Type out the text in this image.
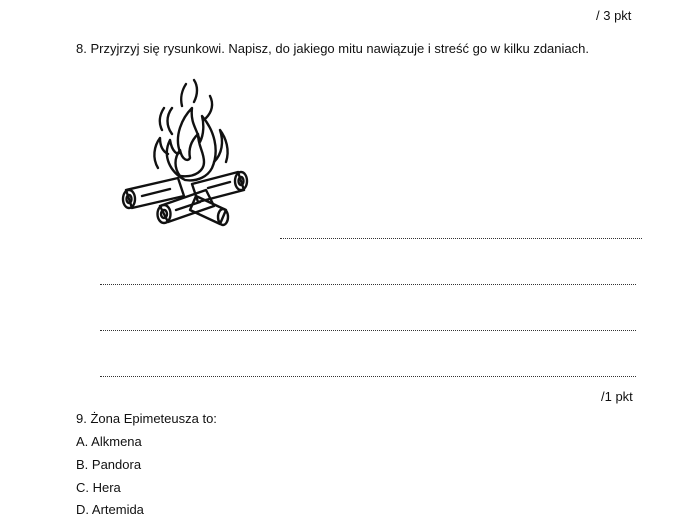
/ 3 pkt
8. Przyjrzyj się rysunkowi. Napisz, do jakiego mitu nawiązuje i streść go w kilku zdaniach.
/1 pkt
9. Żona Epimeteusza to:
A. Alkmena
B. Pandora
C. Hera
D. Artemida
